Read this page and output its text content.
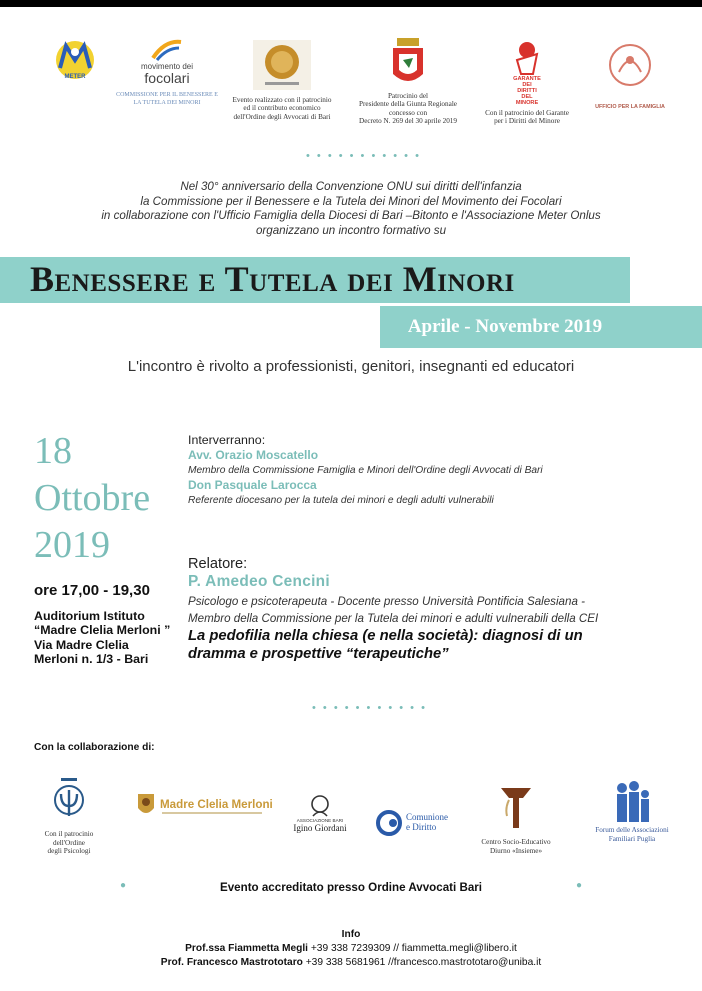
METER
movimento dei
focolari
COMMISSIONE PER IL BENESSERE E
LA TUTELA DEI MINORI	Evento realizzato con il patrocinio
ed il contributo economico
dell'Ordine degli Avvocati di Bari
Patrocinio del
Presidente della Giunta Regionale
concesso con
Decreto N. 269 del 30 aprile 2019
GARANTE DEI DIRITTI DEL MINORE
Con il patrocinio del Garante
per i Diritti del Minore
UFFICIO PER LA FAMIGLIA
• • • • • • • • • • •
Nel 30° anniversario della Convenzione ONU sui diritti dell'infanzia
la Commissione per il Benessere e la Tutela dei Minori del Movimento dei Focolari
in collaborazione con l'Ufficio Famiglia della Diocesi di Bari –Bitonto e l'Associazione Meter Onlus
organizzano un incontro formativo su
Benessere e Tutela dei Minori
Aprile - Novembre 2019
L'incontro è rivolto a professionisti, genitori, insegnanti ed educatori
18
Ottobre
2019
ore 17,00 - 19,30
Auditorium Istituto
“Madre Clelia Merloni ”
Via Madre Clelia
Merloni n. 1/3 - Bari
Interverranno:
Avv. Orazio Moscatello
Membro della Commissione Famiglia e Minori dell'Ordine degli Avvocati di Bari
Don Pasquale Larocca
Referente diocesano per la tutela dei minori e degli adulti vulnerabili
Relatore:
P. Amedeo Cencini
Psicologo e psicoterapeuta - Docente presso Università Pontificia Salesiana -
Membro della Commissione per la Tutela dei minori e adulti vulnerabili della CEI
La pedofilia nella chiesa (e nella società): diagnosi di un
dramma e prospettive “terapeutiche”
• • • • • • • • • • •
Con la collaborazione di:
Con il patrocinio
dell'Ordine
degli Psicologi
Madre Clelia Merloni
ASSOCIAZIONE BARI
Igino Giordani
Comunione
e Diritto
Centro Socio-Educativo
Diurno «Insieme»
Forum delle Associazioni
Familiari Puglia
●	Evento accreditato presso Ordine Avvocati Bari	●
Info
Prof.ssa Fiammetta Megli +39 338 7239309 // fiammetta.megli@libero.it
Prof. Francesco Mastrototaro +39 338 5681961 //francesco.mastrototaro@uniba.it
